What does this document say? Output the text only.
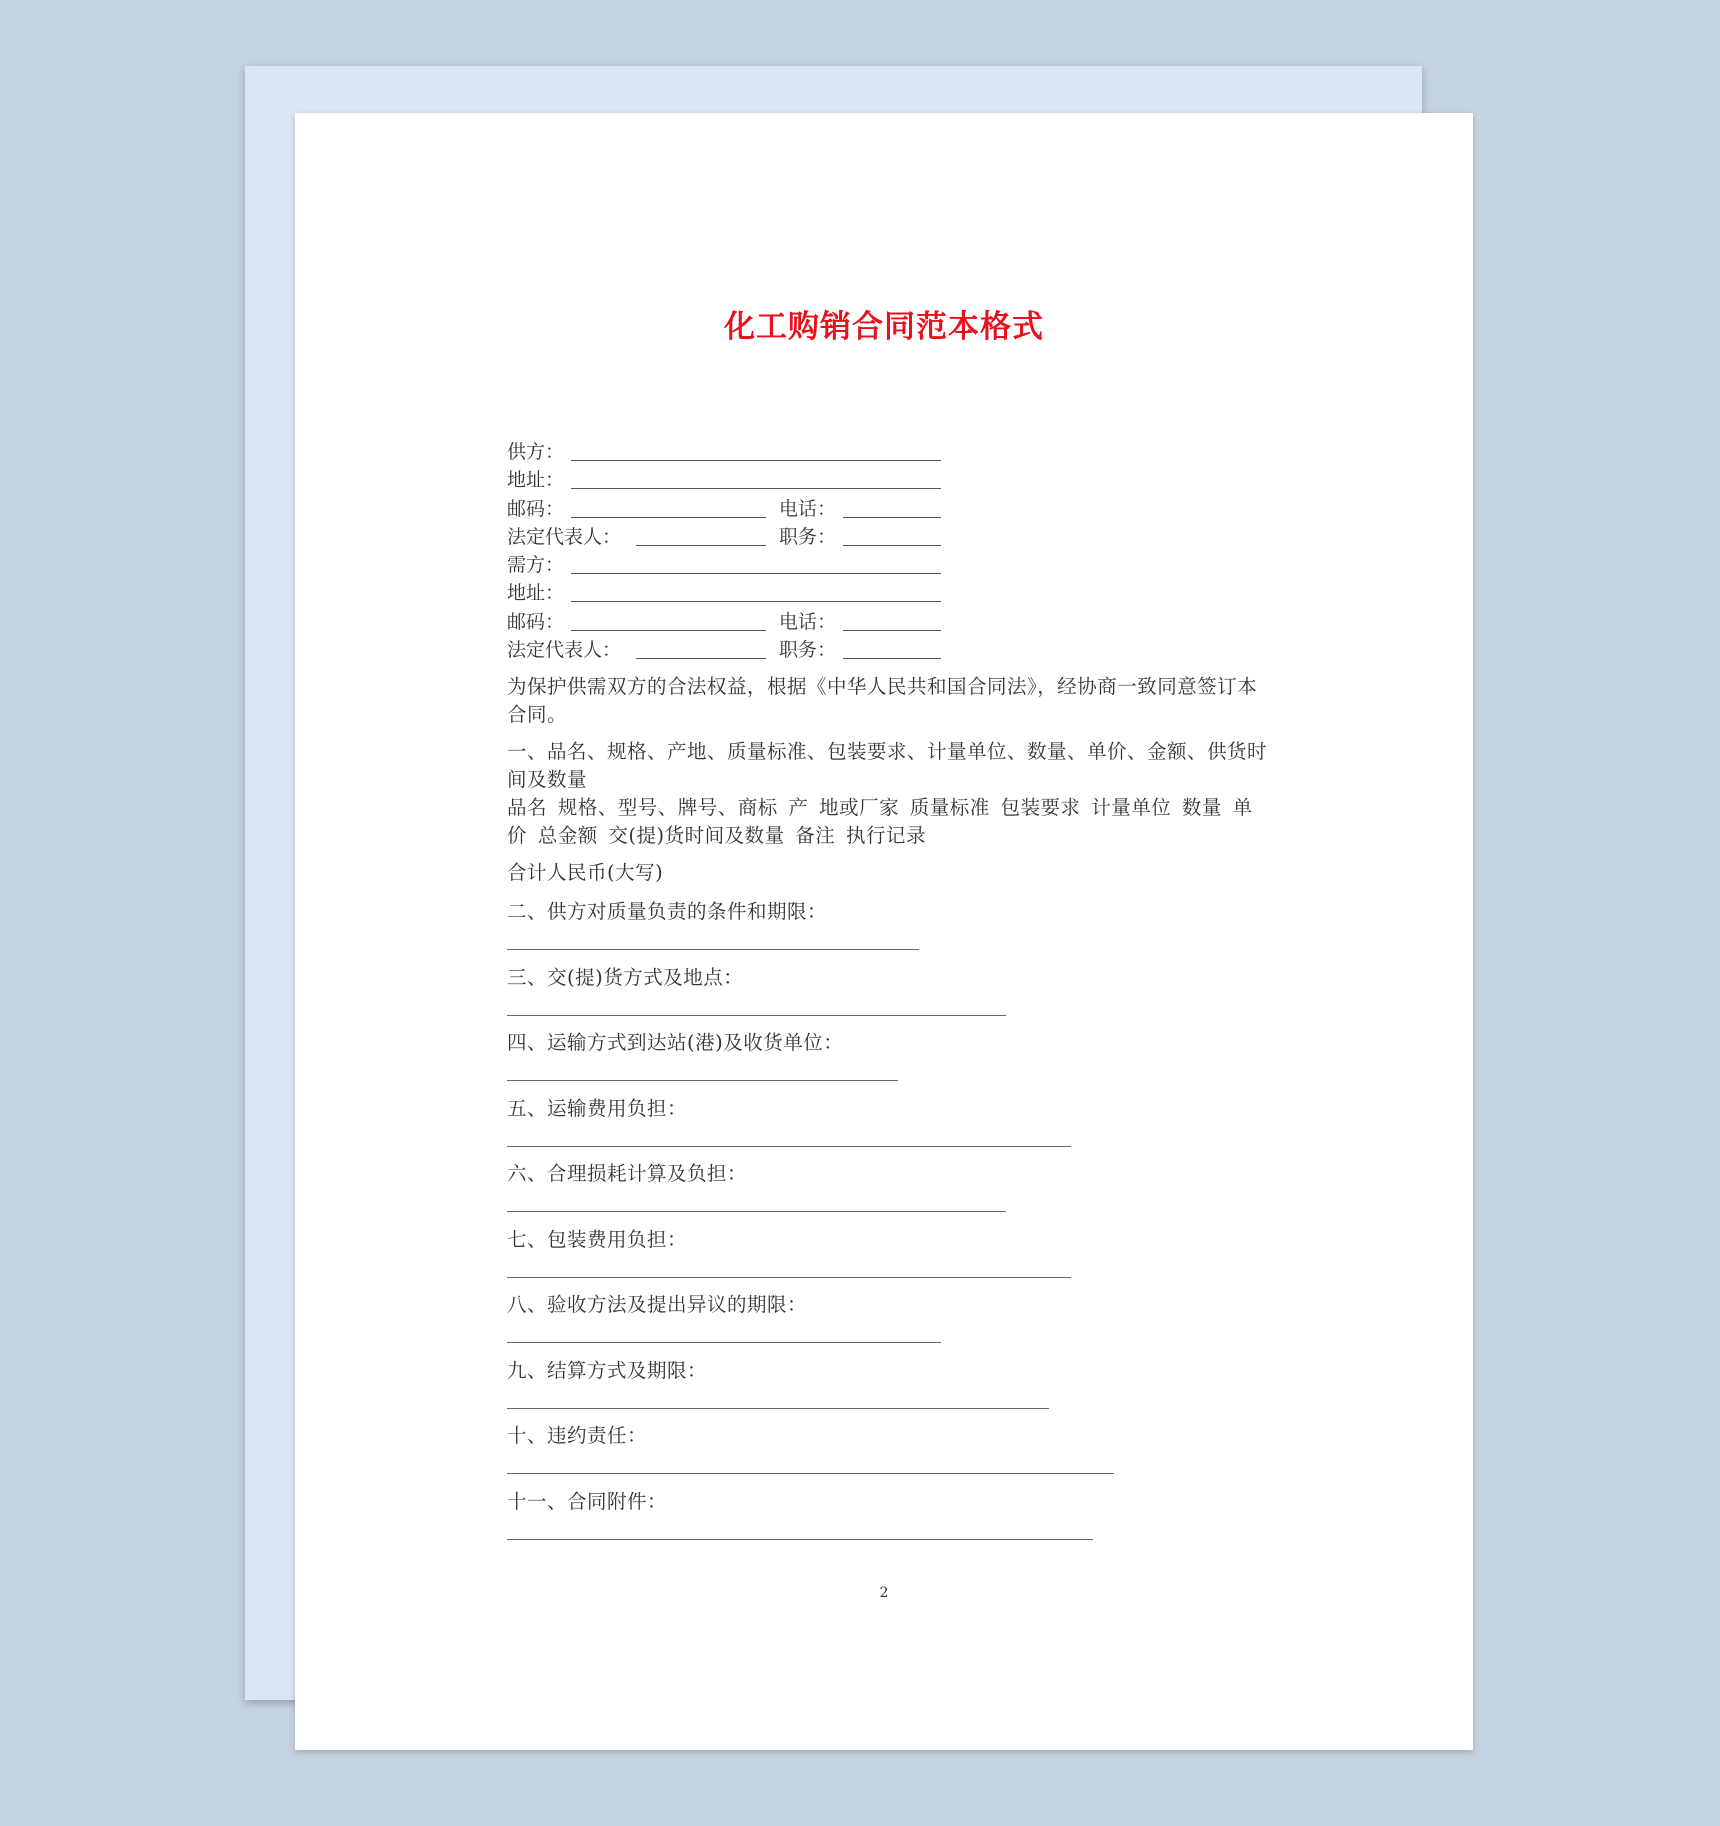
化工购销合同范本格式
供方：
地址：
邮码：	电话：
法定代表人：	职务：
需方：
地址：
邮码：	电话：
法定代表人：	职务：
为保护供需双方的合法权益，根据《中华人民共和国合同法》，经协商一致同意签订本合同。
一、品名、规格、产地、质量标准、包装要求、计量单位、数量、单价、金额、供货时间及数量
品名 规格、型号、牌号、商标 产 地或厂家 质量标准 包装要求 计量单位 数量 单价 总金额 交(提)货时间及数量 备注 执行记录
合计人民币(大写)
二、供方对质量负责的条件和期限：
三、交(提)货方式及地点：
四、运输方式到达站(港)及收货单位：
五、运输费用负担：
六、合理损耗计算及负担：
七、包装费用负担：
八、验收方法及提出异议的期限：
九、结算方式及期限：
十、违约责任：
十一、合同附件：
2
